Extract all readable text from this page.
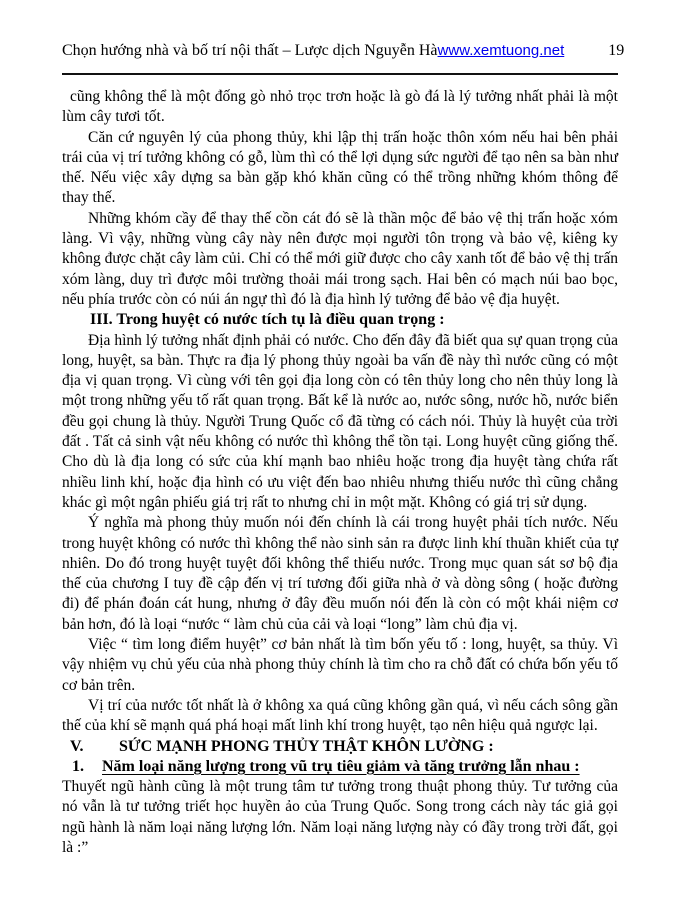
Chọn hướng nhà và bố trí nội thất – Lược dịch Nguyễn Hà www.xemtuong.net	19

cũng không thể là một đống gò nhỏ trọc trơn hoặc là gò đá là lý tưởng nhất phải là một lùm cây tươi tốt.

Căn cứ nguyên lý của phong thủy, khi lập thị trấn hoặc thôn xóm nếu hai bên phải trái của vị trí tưởng không có gỗ, lùm thì có thể lợi dụng sức người để tạo nên sa bàn như thế. Nếu việc xây dựng sa bàn gặp khó khăn cũng có thể trồng những khóm thông để thay thế.

Những khóm cầy để thay thế cồn cát đó sẽ là thần mộc để bảo vệ thị trấn hoặc xóm làng. Vì vậy, những vùng cây này nên được mọi người tôn trọng và bảo vệ, kiêng ky không được chặt cây làm củi. Chỉ có thể mới giữ được cho cây xanh tốt để bảo vệ thị trấn xóm làng, duy trì được môi trường thoải mái trong sạch. Hai bên có mạch núi bao bọc, nếu phía trước còn có núi án ngự thì đó là địa hình lý tưởng để bảo vệ địa huyệt.

III. Trong huyệt có nước tích tụ là điều quan trọng :

Địa hình lý tưởng nhất định phải có nước. Cho đến đây đã biết qua sự quan trọng của long, huyệt, sa bàn. Thực ra địa lý phong thủy ngoài ba vấn đề này thì nước cũng có một địa vị quan trọng. Vì cùng với tên gọi địa long còn có tên thủy long cho nên thủy long là một trong những yếu tố rất quan trọng. Bất kể là nước ao, nước sông, nước hồ, nước biển đều gọi chung là thủy. Người Trung Quốc cổ đã từng có cách nói. Thủy là huyệt của trời đất . Tất cả sinh vật nếu không có nước thì không thể tồn tại. Long huyệt cũng giống thế. Cho dù là địa long có sức của khí mạnh bao nhiêu hoặc trong địa huyệt tàng chứa rất nhiều linh khí, hoặc địa hình có ưu việt đến bao nhiêu nhưng thiếu nước thì cũng chẳng khác gì một ngân phiếu giá trị rất to nhưng chỉ in một mặt. Không có giá trị sử dụng.

Ý nghĩa mà phong thủy muốn nói đến chính là cái trong huyệt phải tích nước. Nếu trong huyệt không có nước thì không thể nào sinh sản ra được linh khí thuần khiết của tự nhiên. Do đó trong huyệt tuyệt đối không thể thiếu nước. Trong mục quan sát sơ bộ địa thế của chương I tuy đề cập đến vị trí tương đối giữa nhà ở và dòng sông ( hoặc đường đi) để phán đoán cát hung, nhưng ở đây đều muốn nói đến là còn có một khái niệm cơ bản hơn, đó là loại “nước “ làm chủ của cải và loại “long” làm chủ địa vị.

Việc “ tìm long điểm huyệt” cơ bản nhất là tìm bốn yếu tố : long, huyệt, sa thủy. Vì vậy nhiệm vụ chủ yếu của nhà phong thủy chính là tìm cho ra chỗ đất có chứa bốn yếu tố cơ bản trên.

Vị trí của nước tốt nhất là ở không xa quá cũng không gần quá, vì nếu cách sông gần thế của khí sẽ mạnh quá phá hoại mất linh khí trong huyệt, tạo nên hiệu quả ngược lại.

V. SỨC MẠNH PHONG THỦY THẬT KHÔN LƯỜNG :

1. Năm loại năng lượng trong vũ trụ tiêu giảm và tăng trưởng lẫn nhau :

Thuyết ngũ hành cũng là một trung tâm tư tưởng trong thuật phong thủy. Tư tưởng của nó vẫn là tư tưởng triết học huyền ảo của Trung Quốc. Song trong cách này tác giả gọi ngũ hành là năm loại năng lượng lớn. Năm loại năng lượng này có đầy trong trời đất, gọi là :”
